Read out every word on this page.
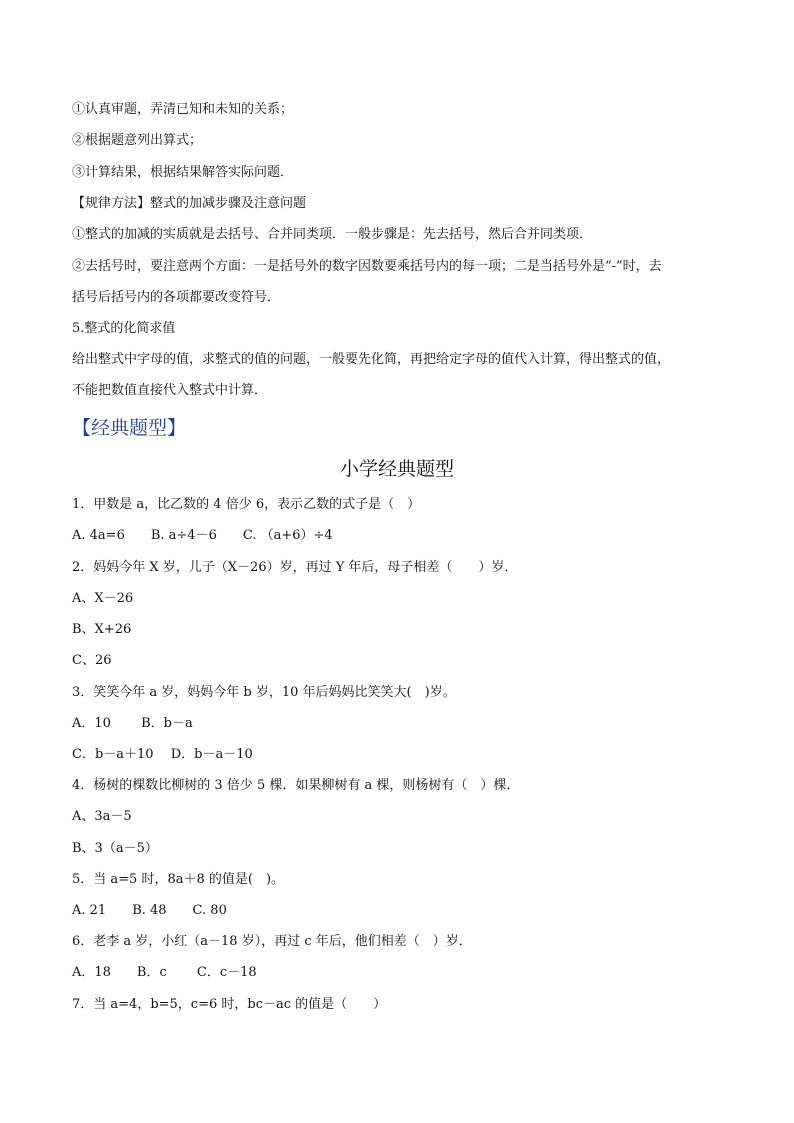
①认真审题，弄清已知和未知的关系；
②根据题意列出算式；
③计算结果，根据结果解答实际问题．
【规律方法】整式的加减步骤及注意问题
①整式的加减的实质就是去括号、合并同类项．一般步骤是：先去括号，然后合并同类项．
②去括号时，要注意两个方面：一是括号外的数字因数要乘括号内的每一项；二是当括号外是“-”时，去
括号后括号内的各项都要改变符号．
5.整式的化简求值
给出整式中字母的值，求整式的值的问题，一般要先化简，再把给定字母的值代入计算，得出整式的值，
不能把数值直接代入整式中计算．
【经典题型】
小学经典题型
1．甲数是 a，比乙数的 4 倍少 6，表示乙数的式子是（　）
A. 4a=6　　B. a÷4－6　　C. （a+6）÷4
2．妈妈今年 X 岁，儿子（X－26）岁，再过 Y 年后，母子相差（　　）岁．
A、X－26
B、X+26
C、26
3．笑笑今年 a 岁，妈妈今年 b 岁，10 年后妈妈比笑笑大(　)岁。
A．10　　 B．b－a
C．b－a＋10　 D．b－a－10
4．杨树的棵数比柳树的 3 倍少 5 棵．如果柳树有 a 棵，则杨树有（　）棵．
A、3a－5
B、3（a－5）
5．当 a=5 时，8a＋8 的值是(　)。
A. 21　　B. 48　　C. 80
6．老李 a 岁，小红（a－18 岁），再过 c 年后，他们相差（　）岁．
A．18　　B．c　　 C．c－18
7．当 a=4，b=5，c=6 时，bc－ac 的值是（　　）
